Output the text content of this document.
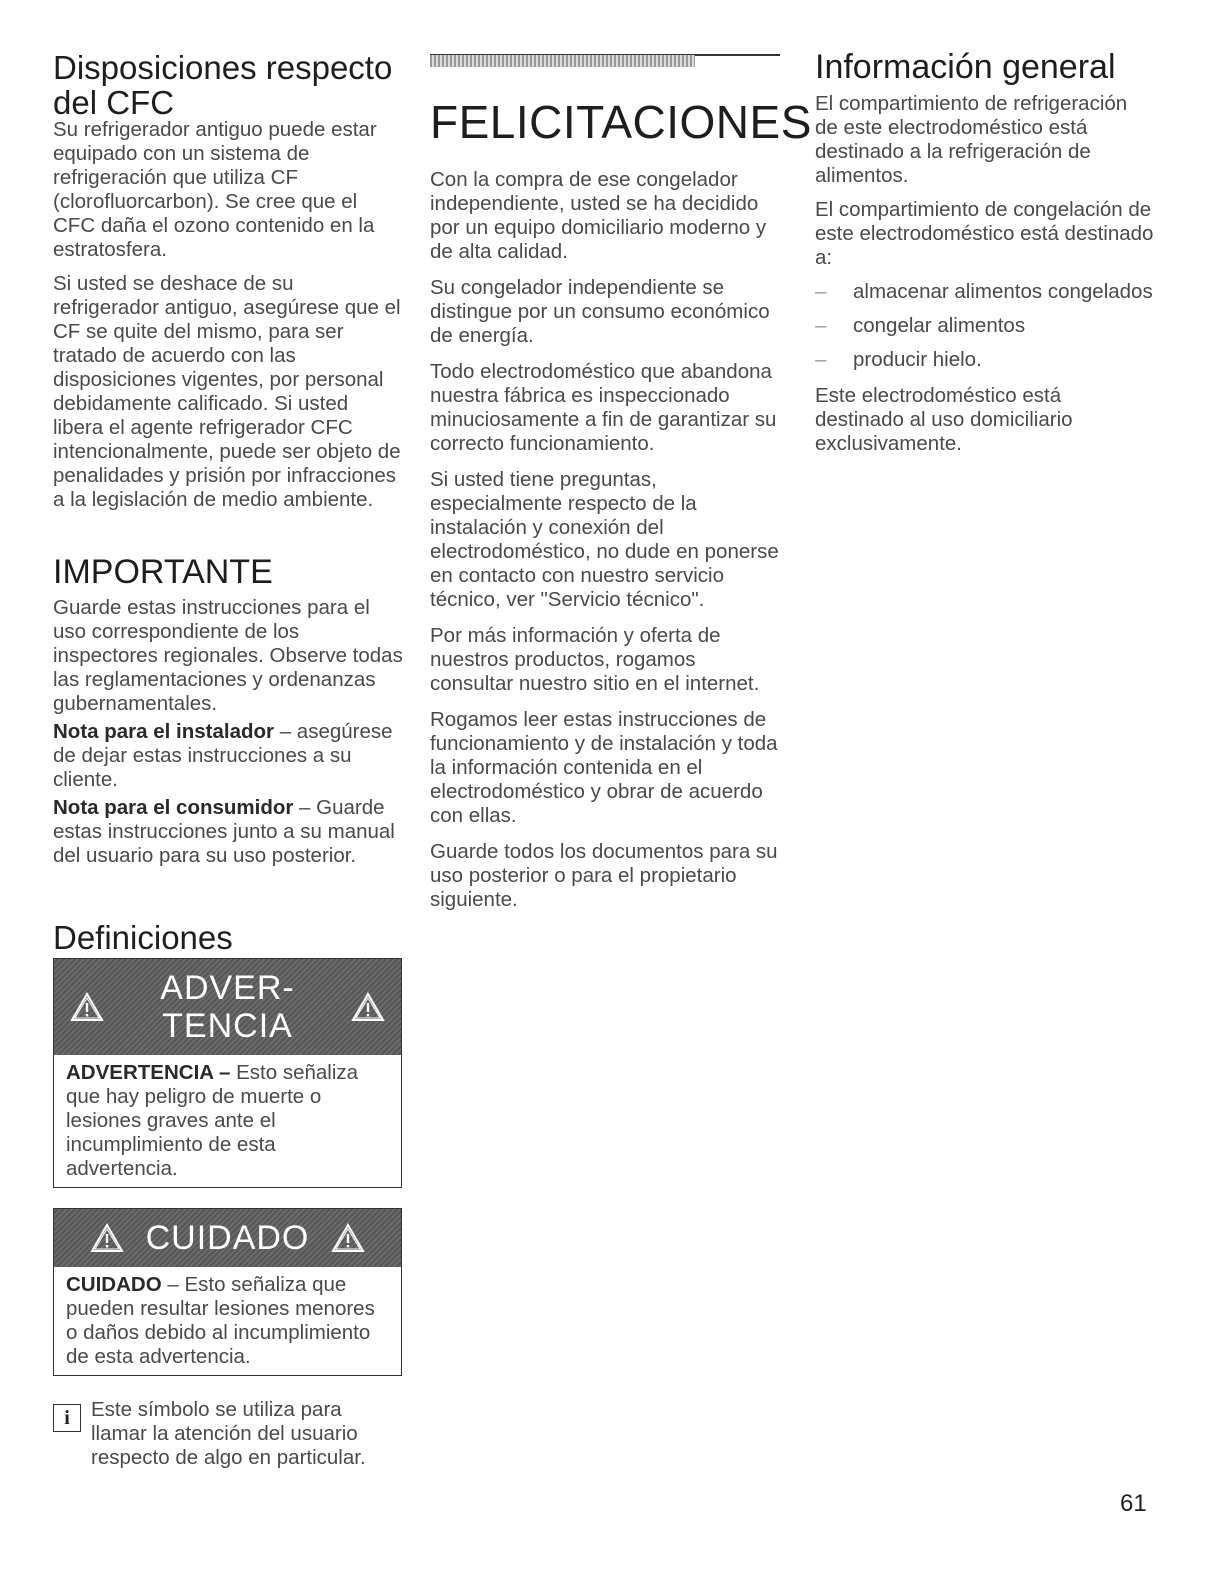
Disposiciones respecto del CFC

Su refrigerador antiguo puede estar equipado con un sistema de refrigeración que utiliza CF (clorofluorcarbon). Se cree que el CFC daña el ozono contenido en la estratosfera.

Si usted se deshace de su refrigerador antiguo, asegúrese que el CF se quite del mismo, para ser tratado de acuerdo con las disposiciones vigentes, por personal debidamente calificado. Si usted libera el agente refrigerador CFC intencionalmente, puede ser objeto de penalidades y prisión por infracciones a la legislación de medio ambiente.

IMPORTANTE

Guarde estas instrucciones para el uso correspondiente de los inspectores regionales. Observe todas las reglamentaciones y ordenanzas gubernamentales.

Nota para el instalador – asegúrese de dejar estas instrucciones a su cliente.

Nota para el consumidor – Guarde estas instrucciones junto a su manual del usuario para su uso posterior.

Definiciones
ADVER-
TENCIA

ADVERTENCIA – Esto señaliza que hay peligro de muerte o lesiones graves ante el incumplimiento de esta advertencia.

CUIDADO

CUIDADO – Esto señaliza que pueden resultar lesiones menores o daños debido al incumplimiento de esta advertencia.

i	Este símbolo se utiliza para llamar la atención del usuario respecto de algo en particular.

FELICITACIONES

Con la compra de ese congelador independiente, usted se ha decidido por un equipo domiciliario moderno y de alta calidad.

Su congelador independiente se distingue por un consumo económico de energía.

Todo electrodoméstico que abandona nuestra fábrica es inspeccionado minuciosamente a fin de garantizar su correcto funcionamiento.

Si usted tiene preguntas, especialmente respecto de la instalación y conexión del electrodoméstico, no dude en ponerse en contacto con nuestro servicio técnico, ver "Servicio técnico".

Por más información y oferta de nuestros productos, rogamos consultar nuestro sitio en el internet.

Rogamos leer estas instrucciones de funcionamiento y de instalación y toda la información contenida en el electrodoméstico y obrar de acuerdo con ellas.

Guarde todos los documentos para su uso posterior o para el propietario siguiente.

Información general

El compartimiento de refrigeración de este electrodoméstico está destinado a la refrigeración de alimentos.

El compartimiento de congelación de este electrodoméstico está destinado a:

– almacenar alimentos congelados
– congelar alimentos
– producir hielo.

Este electrodoméstico está destinado al uso domiciliario exclusivamente.

61
